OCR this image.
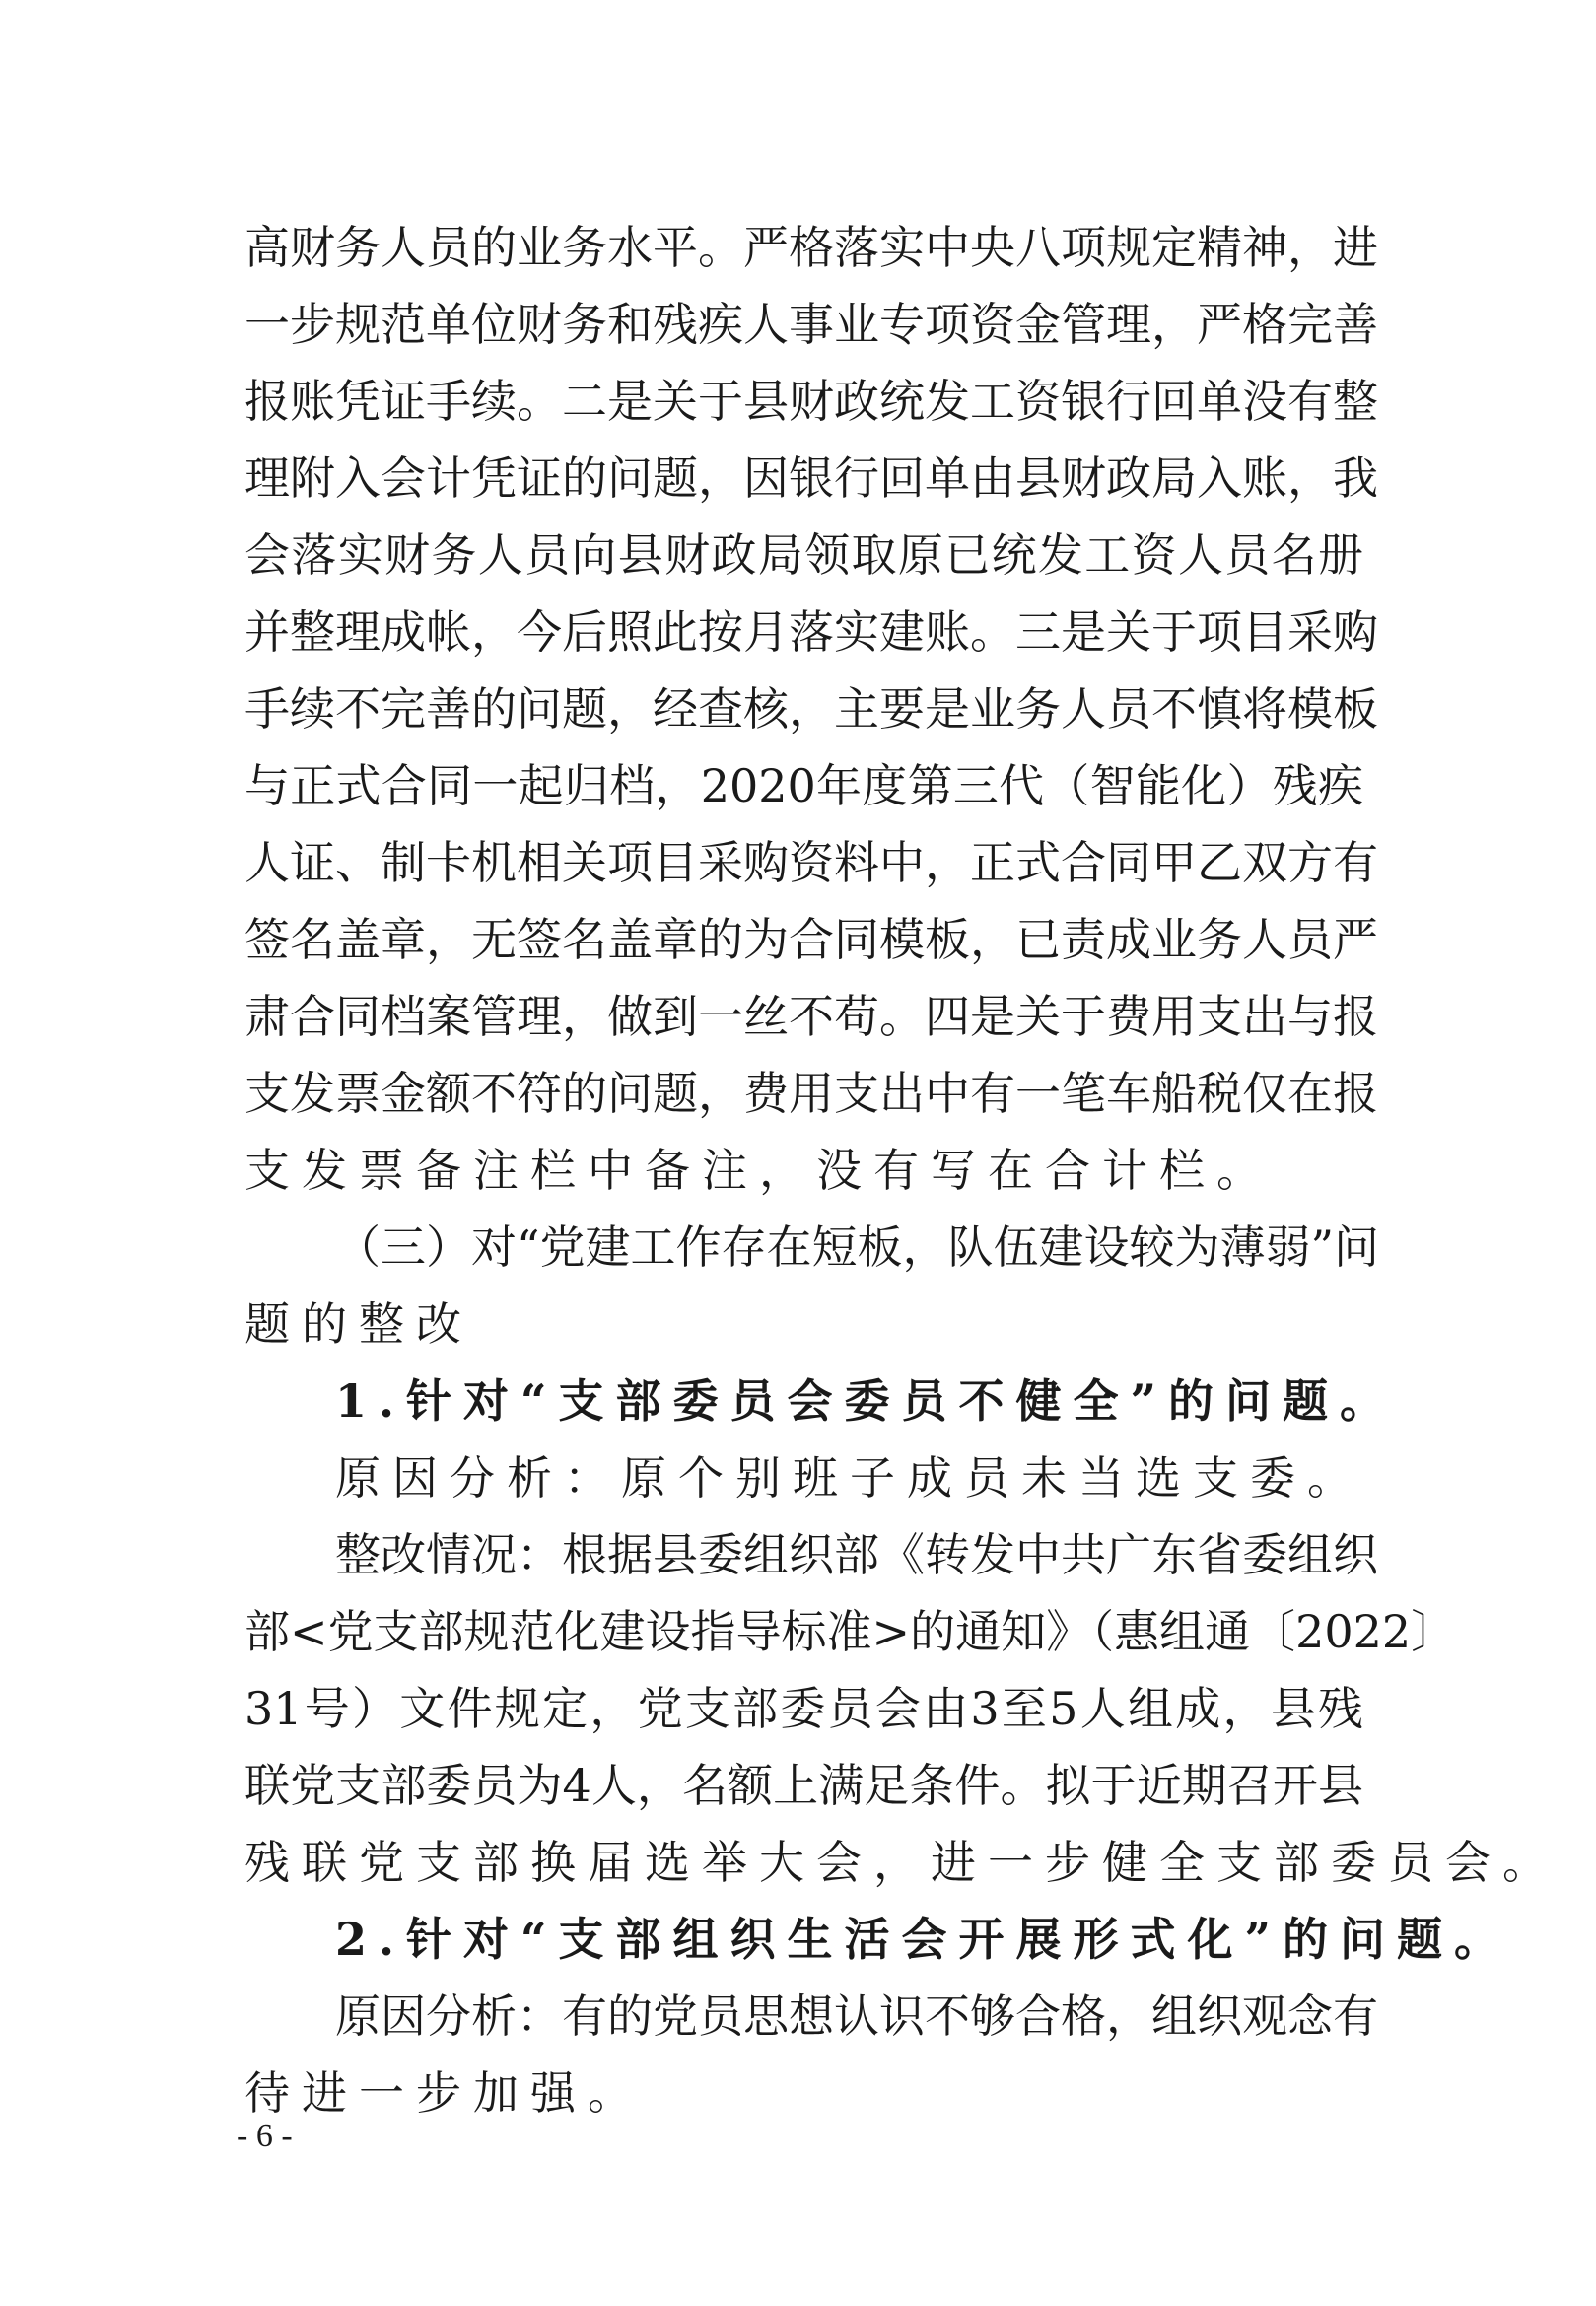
高财务人员的业务水平。严格落实中央八项规定精神，进
一步规范单位财务和残疾人事业专项资金管理，严格完善
报账凭证手续。二是关于县财政统发工资银行回单没有整
理附入会计凭证的问题，因银行回单由县财政局入账，我
会落实财务人员向县财政局领取原已统发工资人员名册
并整理成帐，今后照此按月落实建账。三是关于项目采购
手续不完善的问题，经查核，主要是业务人员不慎将模板
与正式合同一起归档，2020年度第三代（智能化）残疾
人证、制卡机相关项目采购资料中，正式合同甲乙双方有
签名盖章，无签名盖章的为合同模板，已责成业务人员严
肃合同档案管理，做到一丝不苟。四是关于费用支出与报
支发票金额不符的问题，费用支出中有一笔车船税仅在报
支发票备注栏中备注，没有写在合计栏。
（三）对“党建工作存在短板，队伍建设较为薄弱”问
题的整改
1.针对“支部委员会委员不健全”的问题。
原因分析：原个别班子成员未当选支委。
整改情况：根据县委组织部《转发中共广东省委组织
部<党支部规范化建设指导标准>的通知》（惠组通〔2022〕
31号）文件规定，党支部委员会由3至5人组成，县残
联党支部委员为4人，名额上满足条件。拟于近期召开县
残联党支部换届选举大会，进一步健全支部委员会。
2.针对“支部组织生活会开展形式化”的问题。
原因分析：有的党员思想认识不够合格，组织观念有
待进一步加强。
- 6 -
